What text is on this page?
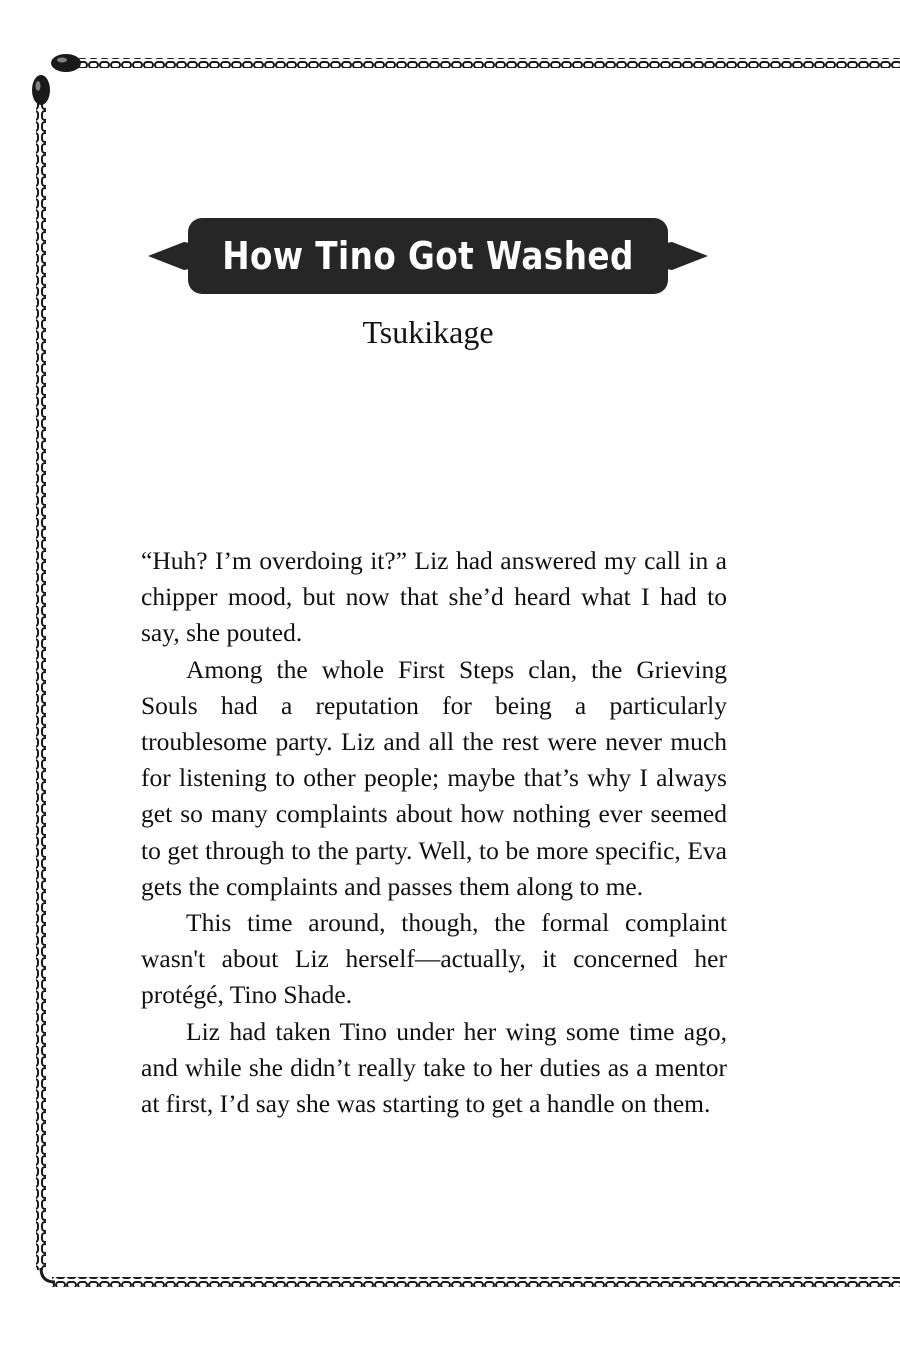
How Tino Got Washed
Tsukikage

“Huh? I’m overdoing it?” Liz had answered my call in a chipper mood, but now that she’d heard what I had to say, she pouted.

Among the whole First Steps clan, the Grieving Souls had a reputation for being a particularly troublesome party. Liz and all the rest were never much for listening to other people; maybe that’s why I always get so many complaints about how nothing ever seemed to get through to the party. Well, to be more specific, Eva gets the complaints and passes them along to me.

This time around, though, the formal complaint wasn't about Liz herself—actually, it concerned her protégé, Tino Shade.

Liz had taken Tino under her wing some time ago, and while she didn’t really take to her duties as a mentor at first, I’d say she was starting to get a handle on them.
